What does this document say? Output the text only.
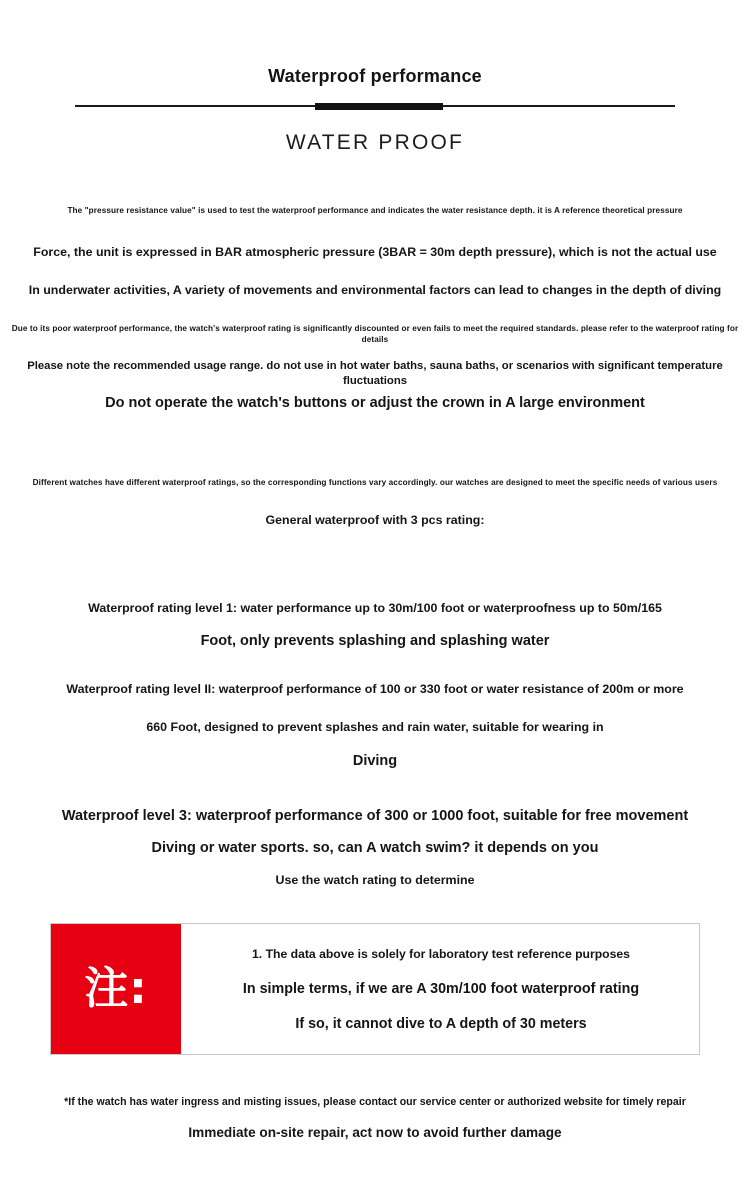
Waterproof performance
WATER PROOF
The "pressure resistance value" is used to test the waterproof performance and indicates the water resistance depth. it is A reference theoretical pressure
Force, the unit is expressed in BAR atmospheric pressure (3BAR = 30m depth pressure), which is not the actual use
In underwater activities, A variety of movements and environmental factors can lead to changes in the depth of diving
Due to its poor waterproof performance, the watch's waterproof rating is significantly discounted or even fails to meet the required standards. please refer to the waterproof rating for details
Please note the recommended usage range. do not use in hot water baths, sauna baths, or scenarios with significant temperature fluctuations
Do not operate the watch's buttons or adjust the crown in A large environment
Different watches have different waterproof ratings, so the corresponding functions vary accordingly. our watches are designed to meet the specific needs of various users
General waterproof with 3 pcs rating:
Waterproof rating level 1: water performance up to 30m/100 foot or waterproofness up to 50m/165
Foot, only prevents splashing and splashing water
Waterproof rating level II: waterproof performance of 100 or 330 foot or water resistance of 200m or more
660 Foot, designed to prevent splashes and rain water, suitable for wearing in
Diving
Waterproof level 3: waterproof performance of 300 or 1000 foot, suitable for free movement
Diving or water sports. so, can A watch swim? it depends on you
Use the watch rating to determine
注:
1. The data above is solely for laboratory test reference purposes
In simple terms, if we are A 30m/100 foot waterproof rating
If so, it cannot dive to A depth of 30 meters
*If the watch has water ingress and misting issues, please contact our service center or authorized website for timely repair
Immediate on-site repair, act now to avoid further damage
